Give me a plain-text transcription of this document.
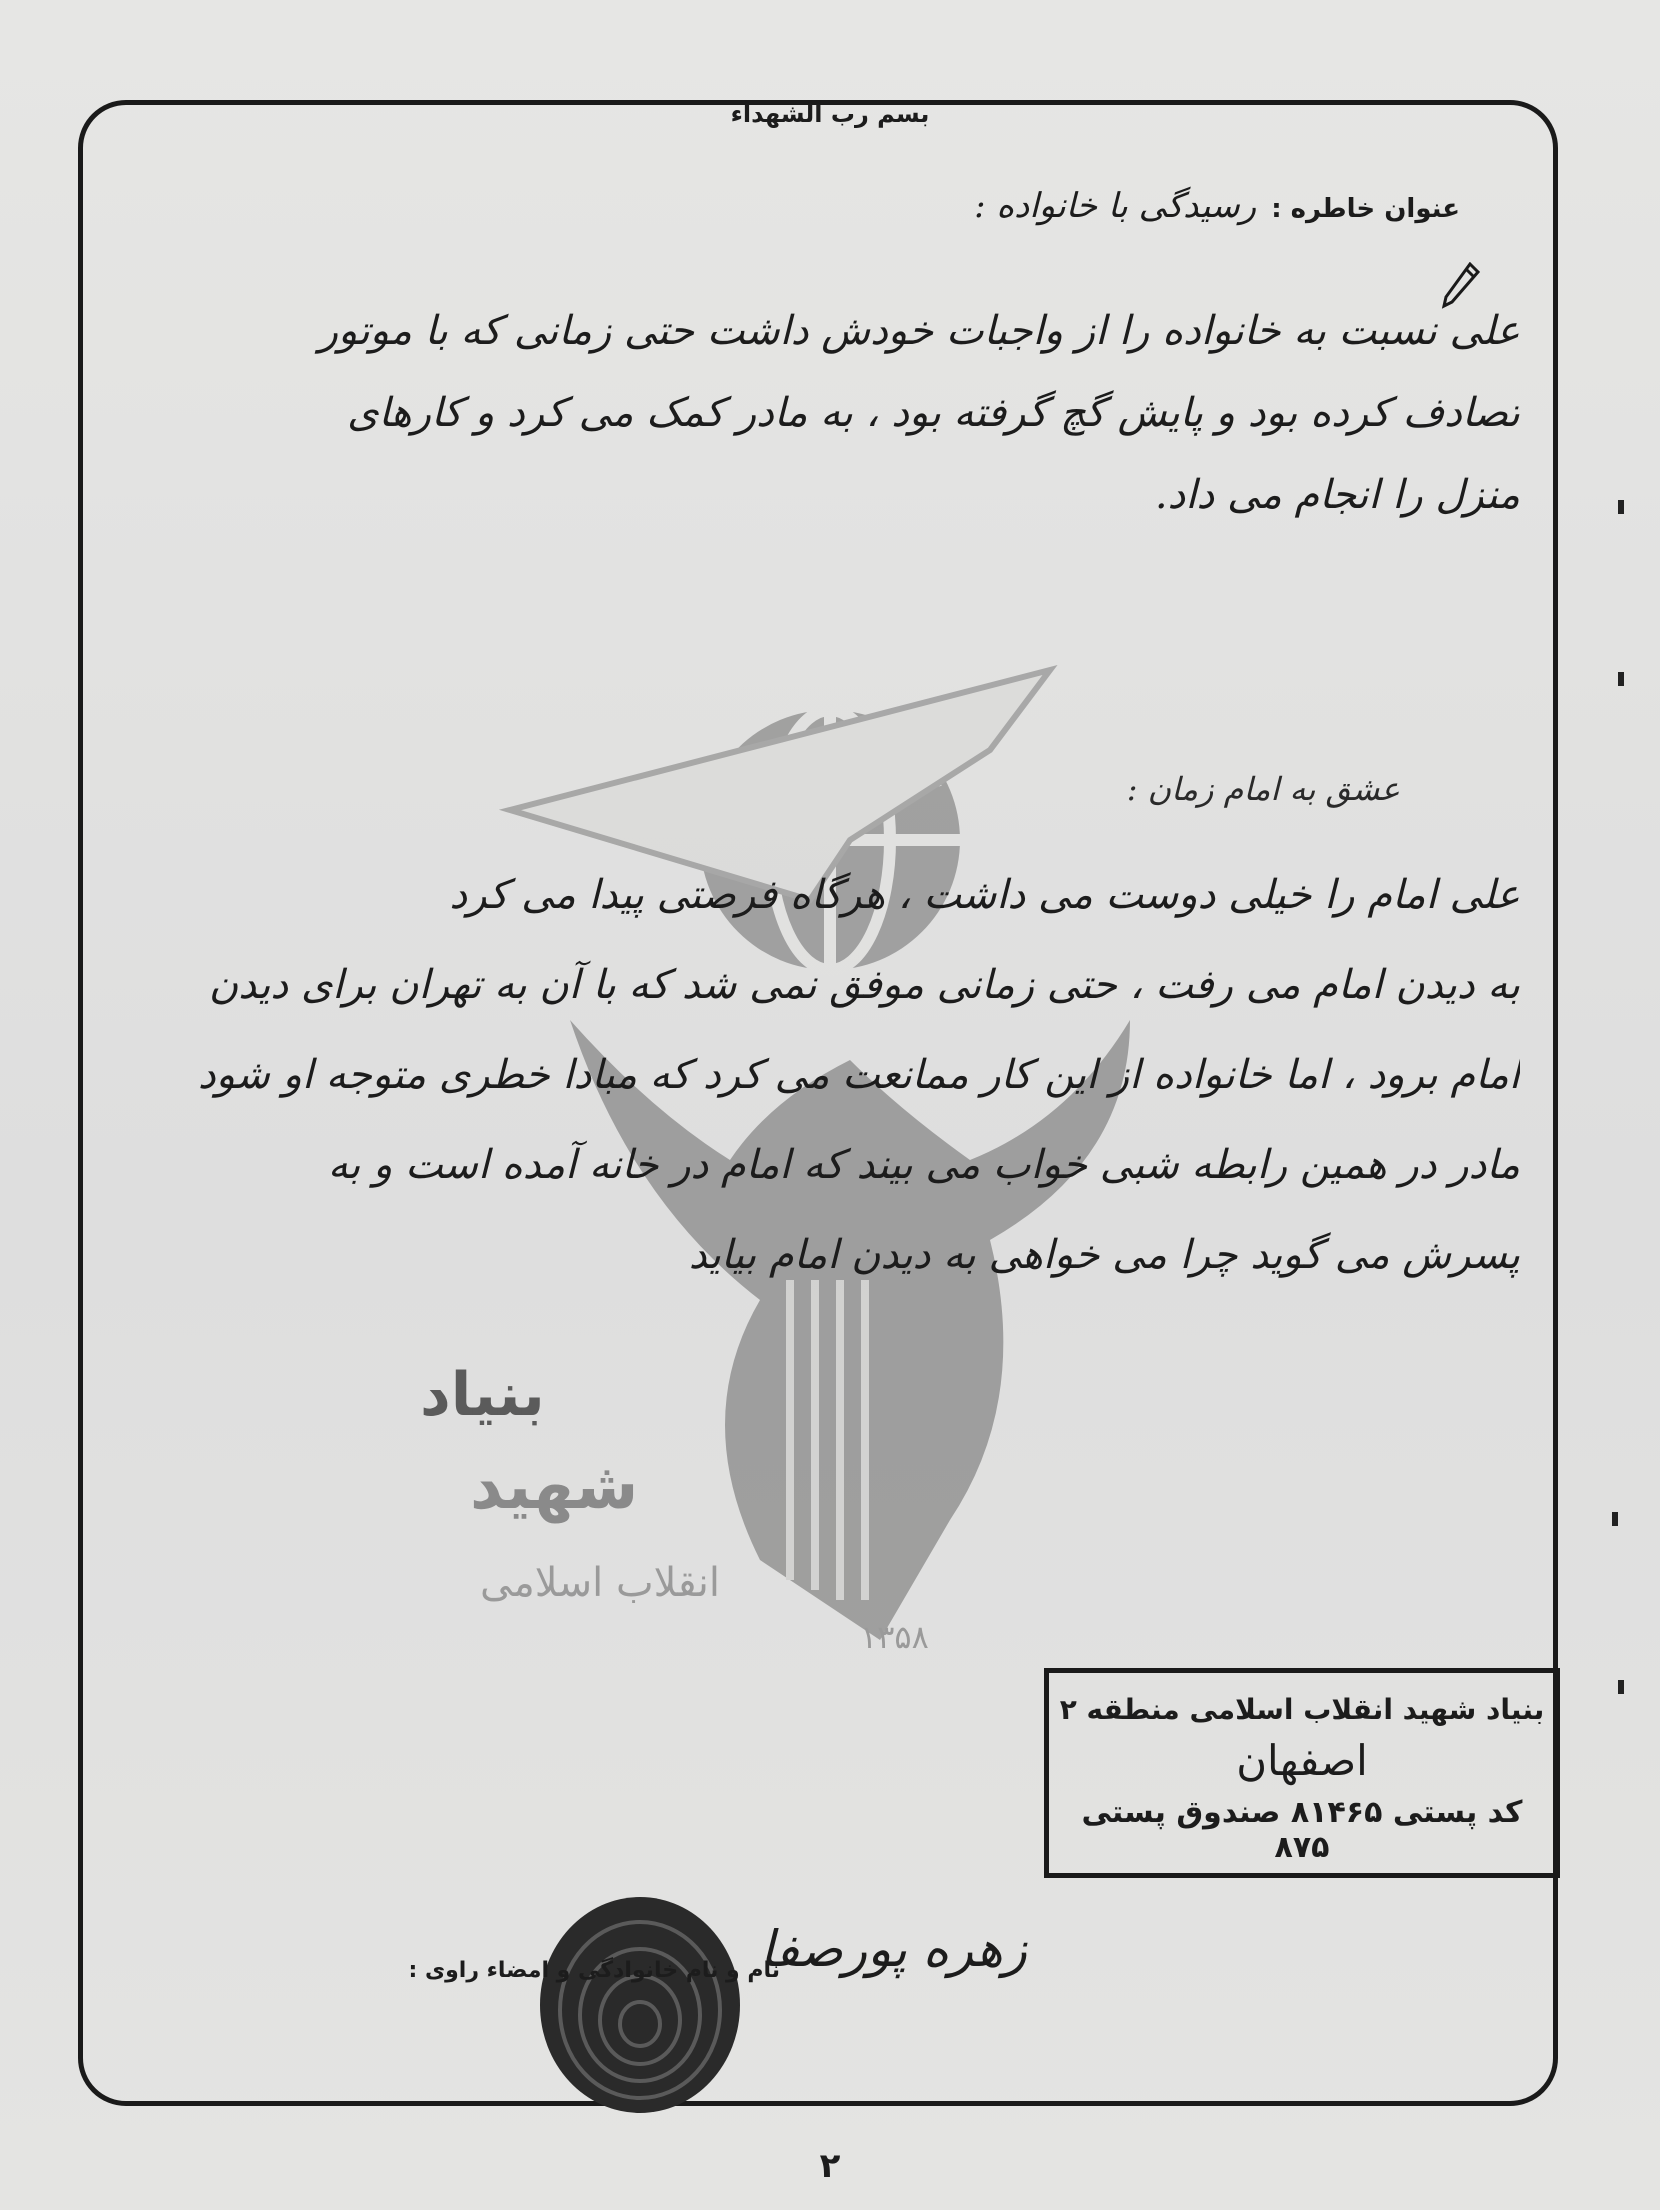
بسم رب الشهداء
عنوان خاطره : رسیدگی با خانواده :
بنیاد
شهید
انقلاب اسلامی
۱۳۵۸

علی نسبت به خانواده را از واجبات خودش داشت حتی زمانی که با موتور
تصادف کرده بود و پایش گچ گرفته بود ، به مادر کمک می کرد و کارهای
منزل را انجام می داد.

عشق به امام زمان :

علی امام را خیلی دوست می داشت ، هرگاه فرصتی پیدا می کرد
به دیدن امام می رفت ، حتی زمانی موفق نمی شد که با آن به تهران برای دیدن
امام برود ، اما خانواده از این کار ممانعت می کرد که مبادا خطری متوجه او شود
مادر در همین رابطه شبی خواب می بیند که امام در خانه آمده است و به
پسرش می گوید چرا می خواهی به دیدن امام بیاید

بنیاد شهید انقلاب اسلامی منطقه ۲
اصفهان
کد پستی ۸۱۴۶۵ صندوق پستی ۸۷۵
زهره پورصفا
نام و نام خانوادگی و امضاء راوی :
۲
